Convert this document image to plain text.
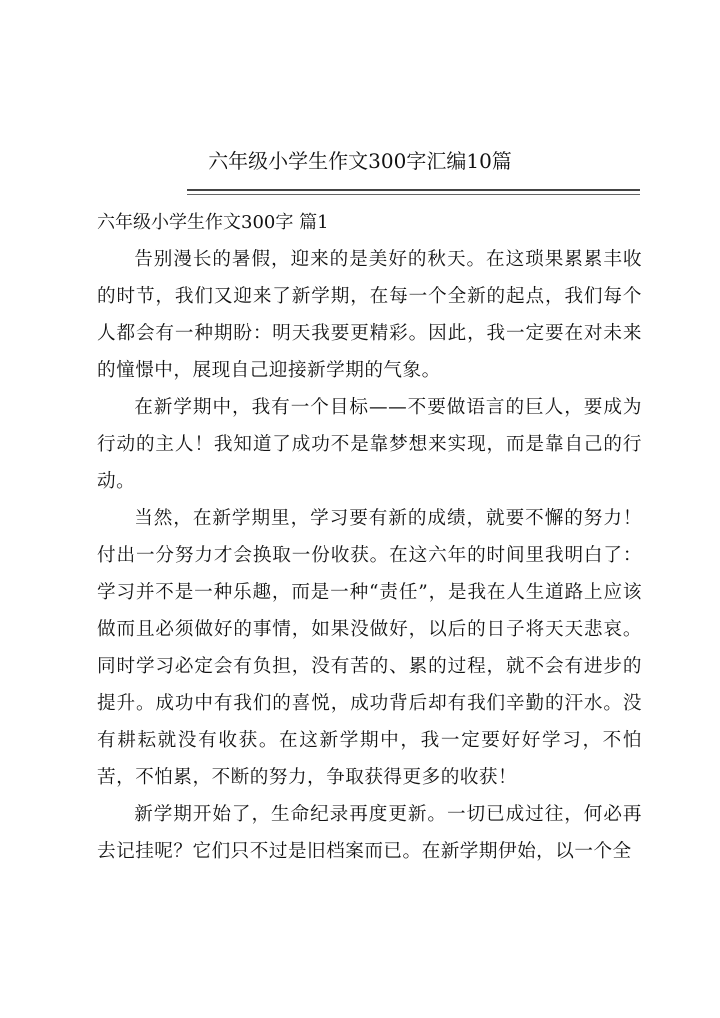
六年级小学生作文300字汇编10篇
六年级小学生作文300字 篇1

告别漫长的暑假，迎来的是美好的秋天。在这琐果累累丰收的时节，我们又迎来了新学期，在每一个全新的起点，我们每个人都会有一种期盼：明天我要更精彩。因此，我一定要在对未来的憧憬中，展现自己迎接新学期的气象。

在新学期中，我有一个目标——不要做语言的巨人，要成为行动的主人！我知道了成功不是靠梦想来实现，而是靠自己的行动。

当然，在新学期里，学习要有新的成绩，就要不懈的努力！付出一分努力才会换取一份收获。在这六年的时间里我明白了：学习并不是一种乐趣，而是一种“责任”，是我在人生道路上应该做而且必须做好的事情，如果没做好，以后的日子将天天悲哀。同时学习必定会有负担，没有苦的、累的过程，就不会有进步的提升。成功中有我们的喜悦，成功背后却有我们辛勤的汗水。没有耕耘就没有收获。在这新学期中，我一定要好好学习，不怕苦，不怕累，不断的努力，争取获得更多的收获！

新学期开始了，生命纪录再度更新。一切已成过往，何必再去记挂呢？它们只不过是旧档案而已。在新学期伊始，以一个全
